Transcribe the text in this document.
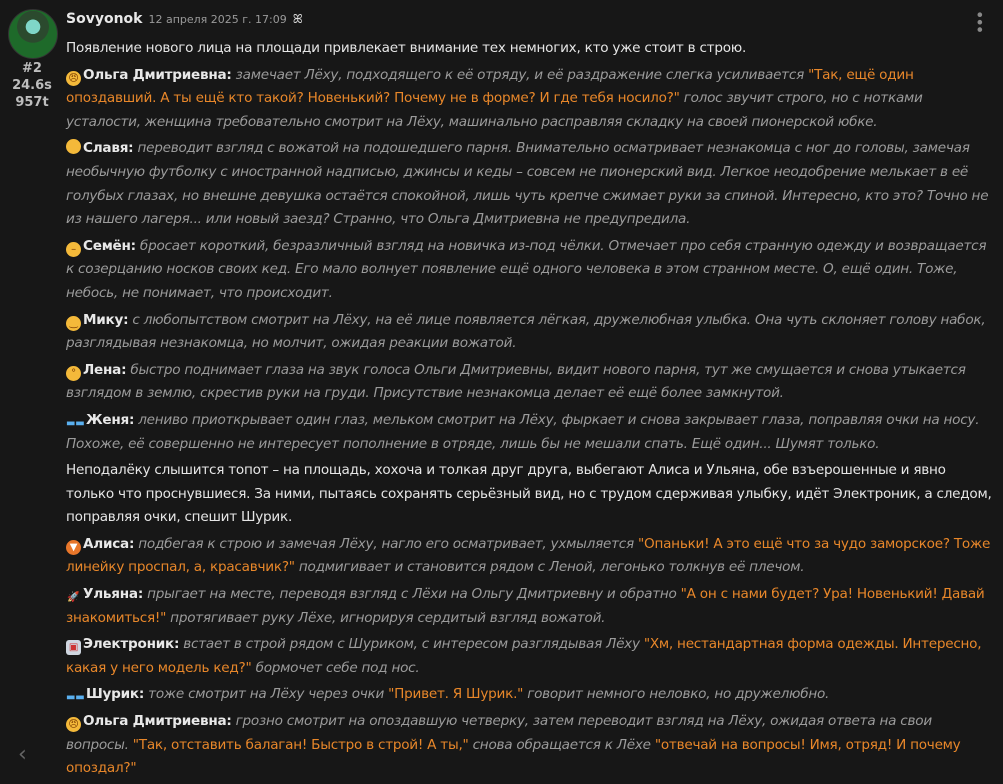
#2
24.6s
957t
Sovyonok 12 апреля 2025 г. 17:09 ꕤ	•••
Появление нового лица на площади привлекает внимание тех немногих, кто уже стоит в строю.
😠 Ольга Дмитриевна: замечает Лёху, подходящего к её отряду, и её раздражение слегка усиливается "Так, ещё один опоздавший. А ты ещё кто такой? Новенький? Почему не в форме? И где тебя носило?" голос звучит строго, но с нотками усталости, женщина требовательно смотрит на Лёху, машинально расправляя складку на своей пионерской юбке.
Славя: переводит взгляд с вожатой на подошедшего парня. Внимательно осматривает незнакомца с ног до головы, замечая необычную футболку с иностранной надписью, джинсы и кеды – совсем не пионерский вид. Легкое неодобрение мелькает в её голубых глазах, но внешне девушка остаётся спокойной, лишь чуть крепче сжимает руки за спиной. Интересно, кто это? Точно не из нашего лагеря... или новый заезд? Странно, что Ольга Дмитриевна не предупредила.
– Семён: бросает короткий, безразличный взгляд на новичка из-под чёлки. Отмечает про себя странную одежду и возвращается к созерцанию носков своих кед. Его мало волнует появление ещё одного человека в этом странном месте. О, ещё один. Тоже, небось, не понимает, что происходит.
‿ Мику: с любопытством смотрит на Лёху, на её лице появляется лёгкая, дружелюбная улыбка. Она чуть склоняет голову набок, разглядывая незнакомца, но молчит, ожидая реакции вожатой.
° Лена: быстро поднимает глаза на звук голоса Ольги Дмитриевны, видит нового парня, тут же смущается и снова утыкается взглядом в землю, скрестив руки на груди. Присутствие незнакомца делает её ещё более замкнутой.
▬▬ Женя: лениво приоткрывает один глаз, мельком смотрит на Лёху, фыркает и снова закрывает глаза, поправляя очки на носу. Похоже, её совершенно не интересует пополнение в отряде, лишь бы не мешали спать. Ещё один... Шумят только.
Неподалёку слышится топот – на площадь, хохоча и толкая друг друга, выбегают Алиса и Ульяна, обе взъерошенные и явно только что проснувшиеся. За ними, пытаясь сохранять серьёзный вид, но с трудом сдерживая улыбку, идёт Электроник, а следом, поправляя очки, спешит Шурик.
▼ Алиса: подбегая к строю и замечая Лёху, нагло его осматривает, ухмыляется "Опаньки! А это ещё что за чудо заморское? Тоже линейку проспал, а, красавчик?" подмигивает и становится рядом с Леной, легонько толкнув её плечом.
🚀 Ульяна: прыгает на месте, переводя взгляд с Лёхи на Ольгу Дмитриевну и обратно "А он с нами будет? Ура! Новенький! Давай знакомиться!" протягивает руку Лёхе, игнорируя сердитый взгляд вожатой.
▣ Электроник: встает в строй рядом с Шуриком, с интересом разглядывая Лёху "Хм, нестандартная форма одежды. Интересно, какая у него модель кед?" бормочет себе под нос.
▬▬ Шурик: тоже смотрит на Лёху через очки "Привет. Я Шурик." говорит немного неловко, но дружелюбно.
😠 Ольга Дмитриевна: грозно смотрит на опоздавшую четверку, затем переводит взгляд на Лёху, ожидая ответа на свои вопросы. "Так, отставить балаган! Быстро в строй! А ты," снова обращается к Лёхе "отвечай на вопросы! Имя, отряд! И почему опоздал?"
‹
